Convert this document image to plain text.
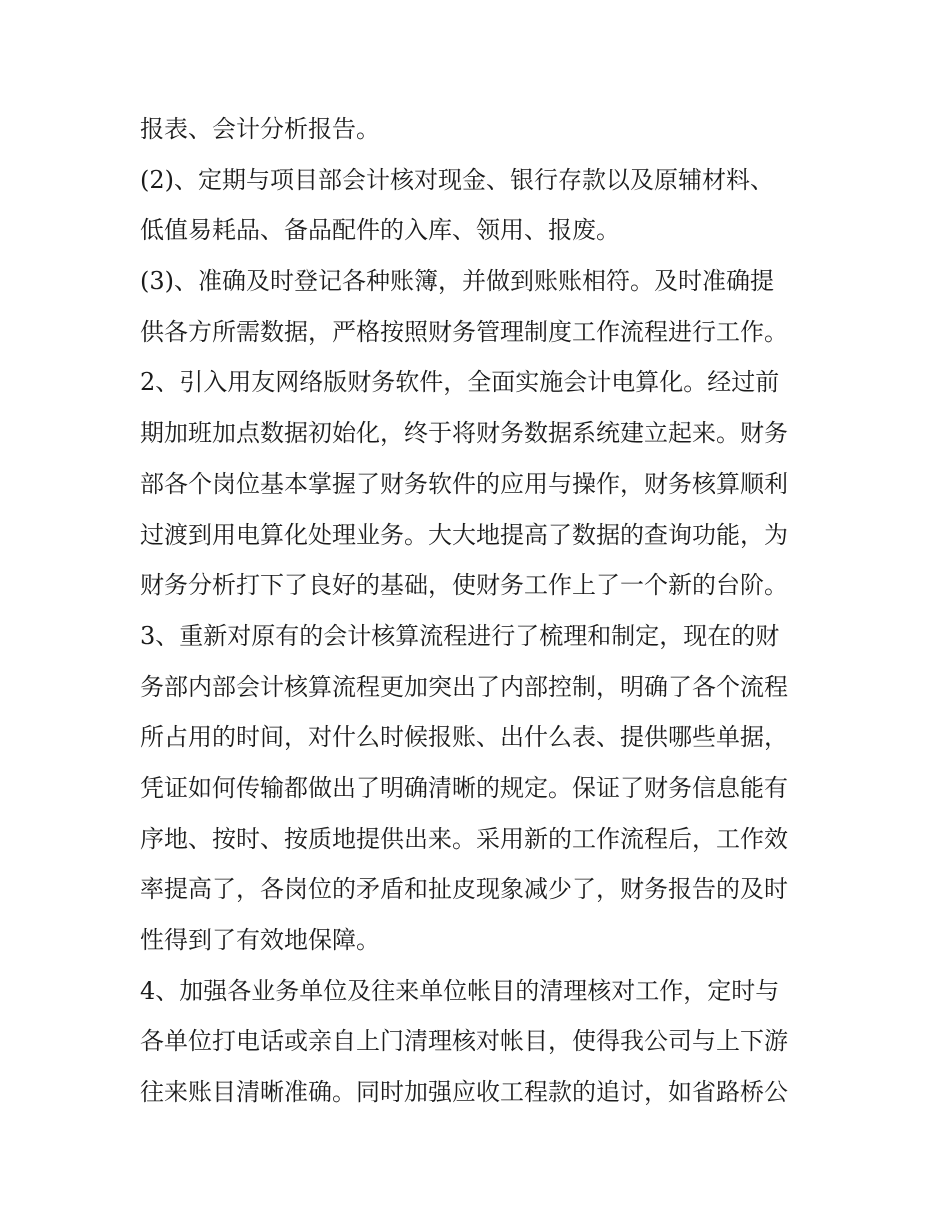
报表、会计分析报告。
(2)、定期与项目部会计核对现金、银行存款以及原辅材料、
低值易耗品、备品配件的入库、领用、报废。
(3)、准确及时登记各种账簿，并做到账账相符。及时准确提
供各方所需数据，严格按照财务管理制度工作流程进行工作。
2、引入用友网络版财务软件，全面实施会计电算化。经过前
期加班加点数据初始化，终于将财务数据系统建立起来。财务
部各个岗位基本掌握了财务软件的应用与操作，财务核算顺利
过渡到用电算化处理业务。大大地提高了数据的查询功能，为
财务分析打下了良好的基础，使财务工作上了一个新的台阶。
3、重新对原有的会计核算流程进行了梳理和制定，现在的财
务部内部会计核算流程更加突出了内部控制，明确了各个流程
所占用的时间，对什么时候报账、出什么表、提供哪些单据，
凭证如何传输都做出了明确清晰的规定。保证了财务信息能有
序地、按时、按质地提供出来。采用新的工作流程后，工作效
率提高了，各岗位的矛盾和扯皮现象减少了，财务报告的及时
性得到了有效地保障。
4、加强各业务单位及往来单位帐目的清理核对工作，定时与
各单位打电话或亲自上门清理核对帐目，使得我公司与上下游
往来账目清晰准确。同时加强应收工程款的追讨，如省路桥公
